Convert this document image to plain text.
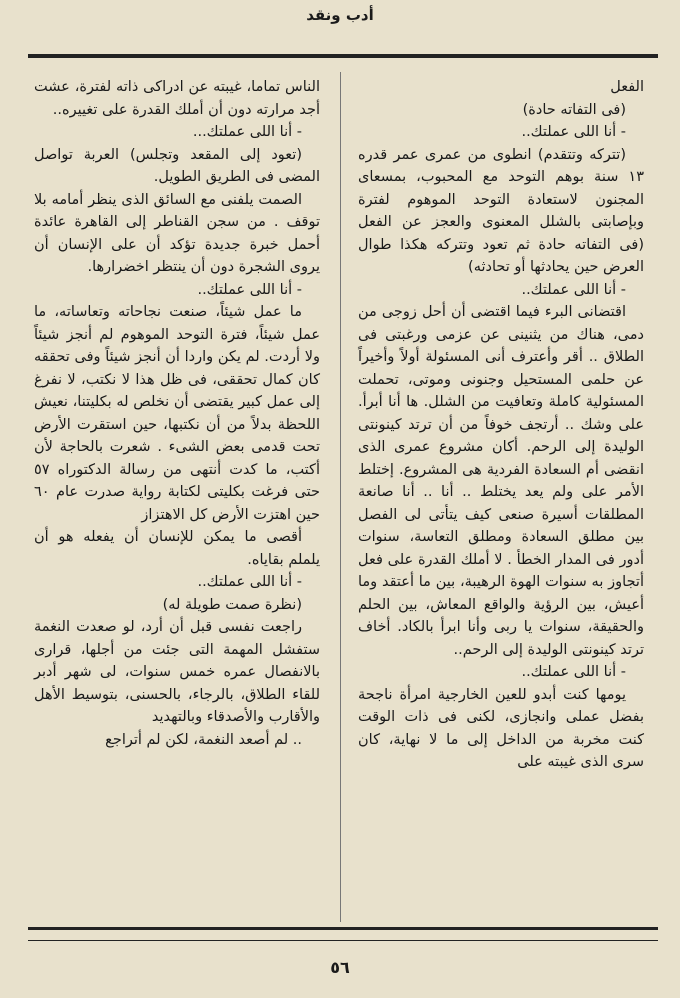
أدب ونقد

الفعل

(فى التفاته حادة)

- أنا اللى عملتك..

(تتركه وتتقدم) انطوى من عمرى عمر قدره ١٣ سنة بوهم التوحد مع المحبوب، بمسعاى المجنون لاستعادة التوحد الموهوم لفترة وبإصابتى بالشلل المعنوى والعجز عن الفعل (فى التفاته حادة ثم تعود وتتركه هكذا طوال العرض حين يحادثها أو تحادثه)

- أنا اللى عملتك..

اقتضانى البرء فيما اقتضى أن أحل زوجى من دمى، هناك من يثنينى عن عزمى ورغبتى فى الطلاق .. أقر وأعترف أنى المسئولة أولاً وأخيراً عن حلمى المستحيل وجنونى وموتى، تحملت المسئولية كاملة وتعافيت من الشلل. ها أنا أبرأ. على وشك .. أرتجف خوفاً من أن ترتد كينونتى الوليدة إلى الرحم. أكان مشروع عمرى الذى انقضى أم السعادة الفردية هى المشروع. إختلط الأمر على ولم يعد يختلط .. أنا .. أنا صانعة المطلقات أسيرة صنعى كيف يتأتى لى الفصل بين مطلق السعادة ومطلق التعاسة، سنوات أدور فى المدار الخطأ . لا أملك القدرة على فعل أتجاوز به سنوات الهوة الرهيبة، بين ما أعتقد وما أعيش، بين الرؤية والواقع المعاش، بين الحلم والحقيقة، سنوات يا ربى وأنا ابرأ بالكاد. أخاف ترتد كينونتى الوليدة إلى الرحم..

- أنا اللى عملتك..

يومها كنت أبدو للعين الخارجية امرأة ناجحة بفضل عملى وانجازى، لكنى فى ذات الوقت كنت مخربة من الداخل إلى ما لا نهاية، كان سرى الذى غيبته على

الناس تماما، غيبته عن ادراكى ذاته لفترة، عشت أجد مرارته دون أن أملك القدرة على تغييره..

- أنا اللى عملتك...

(تعود إلى المقعد وتجلس) العربة تواصل المضى فى الطريق الطويل.

الصمت يلفنى مع السائق الذى ينظر أمامه بلا توقف . من سجن القناطر إلى القاهرة عائدة أحمل خبرة جديدة تؤكد أن على الإنسان أن يروى الشجرة دون أن ينتظر اخضرارها.

- أنا اللى عملتك..

ما عمل شيئاً، صنعت نجاحاته وتعاساته، ما عمل شيئاً، فترة التوحد الموهوم لم أنجز شيئاً ولا أردت. لم يكن واردا أن أنجز شيئاً وفى تحققه كان كمال تحققى، فى ظل هذا لا نكتب، لا نفرغ إلى عمل كبير يقتضى أن نخلص له بكليتنا، نعيش اللحظة بدلاً من أن نكتبها، حين استقرت الأرض تحت قدمى بعض الشىء . شعرت بالحاجة لأن أكتب، ما كدت أنتهى من رسالة الدكتوراه ٥٧ حتى فرغت بكليتى لكتابة رواية صدرت عام ٦٠ حين اهتزت الأرض كل الاهتزاز

أقصى ما يمكن للإنسان أن يفعله هو أن يلملم بقاياه.

- أنا اللى عملتك..

(نظرة صمت طويلة له)

راجعت نفسى قبل أن أرد، لو صعدت النغمة ستفشل المهمة التى جئت من أجلها، قرارى بالانفصال عمره خمس سنوات، لى شهر أدبر للقاء الطلاق، بالرجاء، بالحسنى، بتوسيط الأهل والأقارب والأصدقاء وبالتهديد

.. لم أصعد النغمة، لكن لم أتراجع

٥٦
